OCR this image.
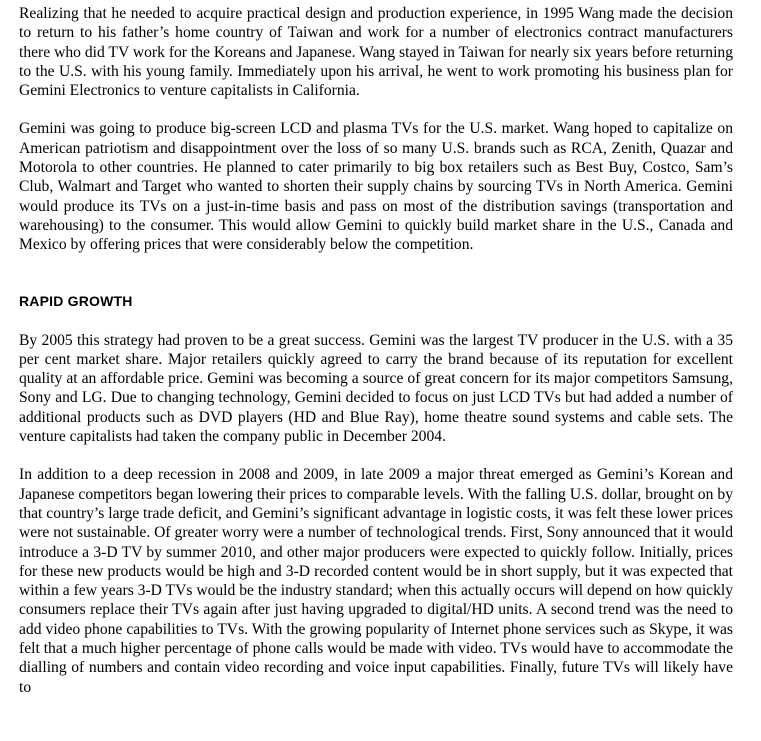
Realizing that he needed to acquire practical design and production experience, in 1995 Wang made the decision to return to his father’s home country of Taiwan and work for a number of electronics contract manufacturers there who did TV work for the Koreans and Japanese. Wang stayed in Taiwan for nearly six years before returning to the U.S. with his young family. Immediately upon his arrival, he went to work promoting his business plan for Gemini Electronics to venture capitalists in California.

Gemini was going to produce big-screen LCD and plasma TVs for the U.S. market. Wang hoped to capitalize on American patriotism and disappointment over the loss of so many U.S. brands such as RCA, Zenith, Quazar and Motorola to other countries. He planned to cater primarily to big box retailers such as Best Buy, Costco, Sam’s Club, Walmart and Target who wanted to shorten their supply chains by sourcing TVs in North America. Gemini would produce its TVs on a just-in-time basis and pass on most of the distribution savings (transportation and warehousing) to the consumer. This would allow Gemini to quickly build market share in the U.S., Canada and Mexico by offering prices that were considerably below the competition.

RAPID GROWTH

By 2005 this strategy had proven to be a great success. Gemini was the largest TV producer in the U.S. with a 35 per cent market share. Major retailers quickly agreed to carry the brand because of its reputation for excellent quality at an affordable price. Gemini was becoming a source of great concern for its major competitors Samsung, Sony and LG. Due to changing technology, Gemini decided to focus on just LCD TVs but had added a number of additional products such as DVD players (HD and Blue Ray), home theatre sound systems and cable sets. The venture capitalists had taken the company public in December 2004.

In addition to a deep recession in 2008 and 2009, in late 2009 a major threat emerged as Gemini’s Korean and Japanese competitors began lowering their prices to comparable levels. With the falling U.S. dollar, brought on by that country’s large trade deficit, and Gemini’s significant advantage in logistic costs, it was felt these lower prices were not sustainable. Of greater worry were a number of technological trends. First, Sony announced that it would introduce a 3-D TV by summer 2010, and other major producers were expected to quickly follow. Initially, prices for these new products would be high and 3-D recorded content would be in short supply, but it was expected that within a few years 3-D TVs would be the industry standard; when this actually occurs will depend on how quickly consumers replace their TVs again after just having upgraded to digital/HD units. A second trend was the need to add video phone capabilities to TVs. With the growing popularity of Internet phone services such as Skype, it was felt that a much higher percentage of phone calls would be made with video. TVs would have to accommodate the dialling of numbers and contain video recording and voice input capabilities. Finally, future TVs will likely have to
